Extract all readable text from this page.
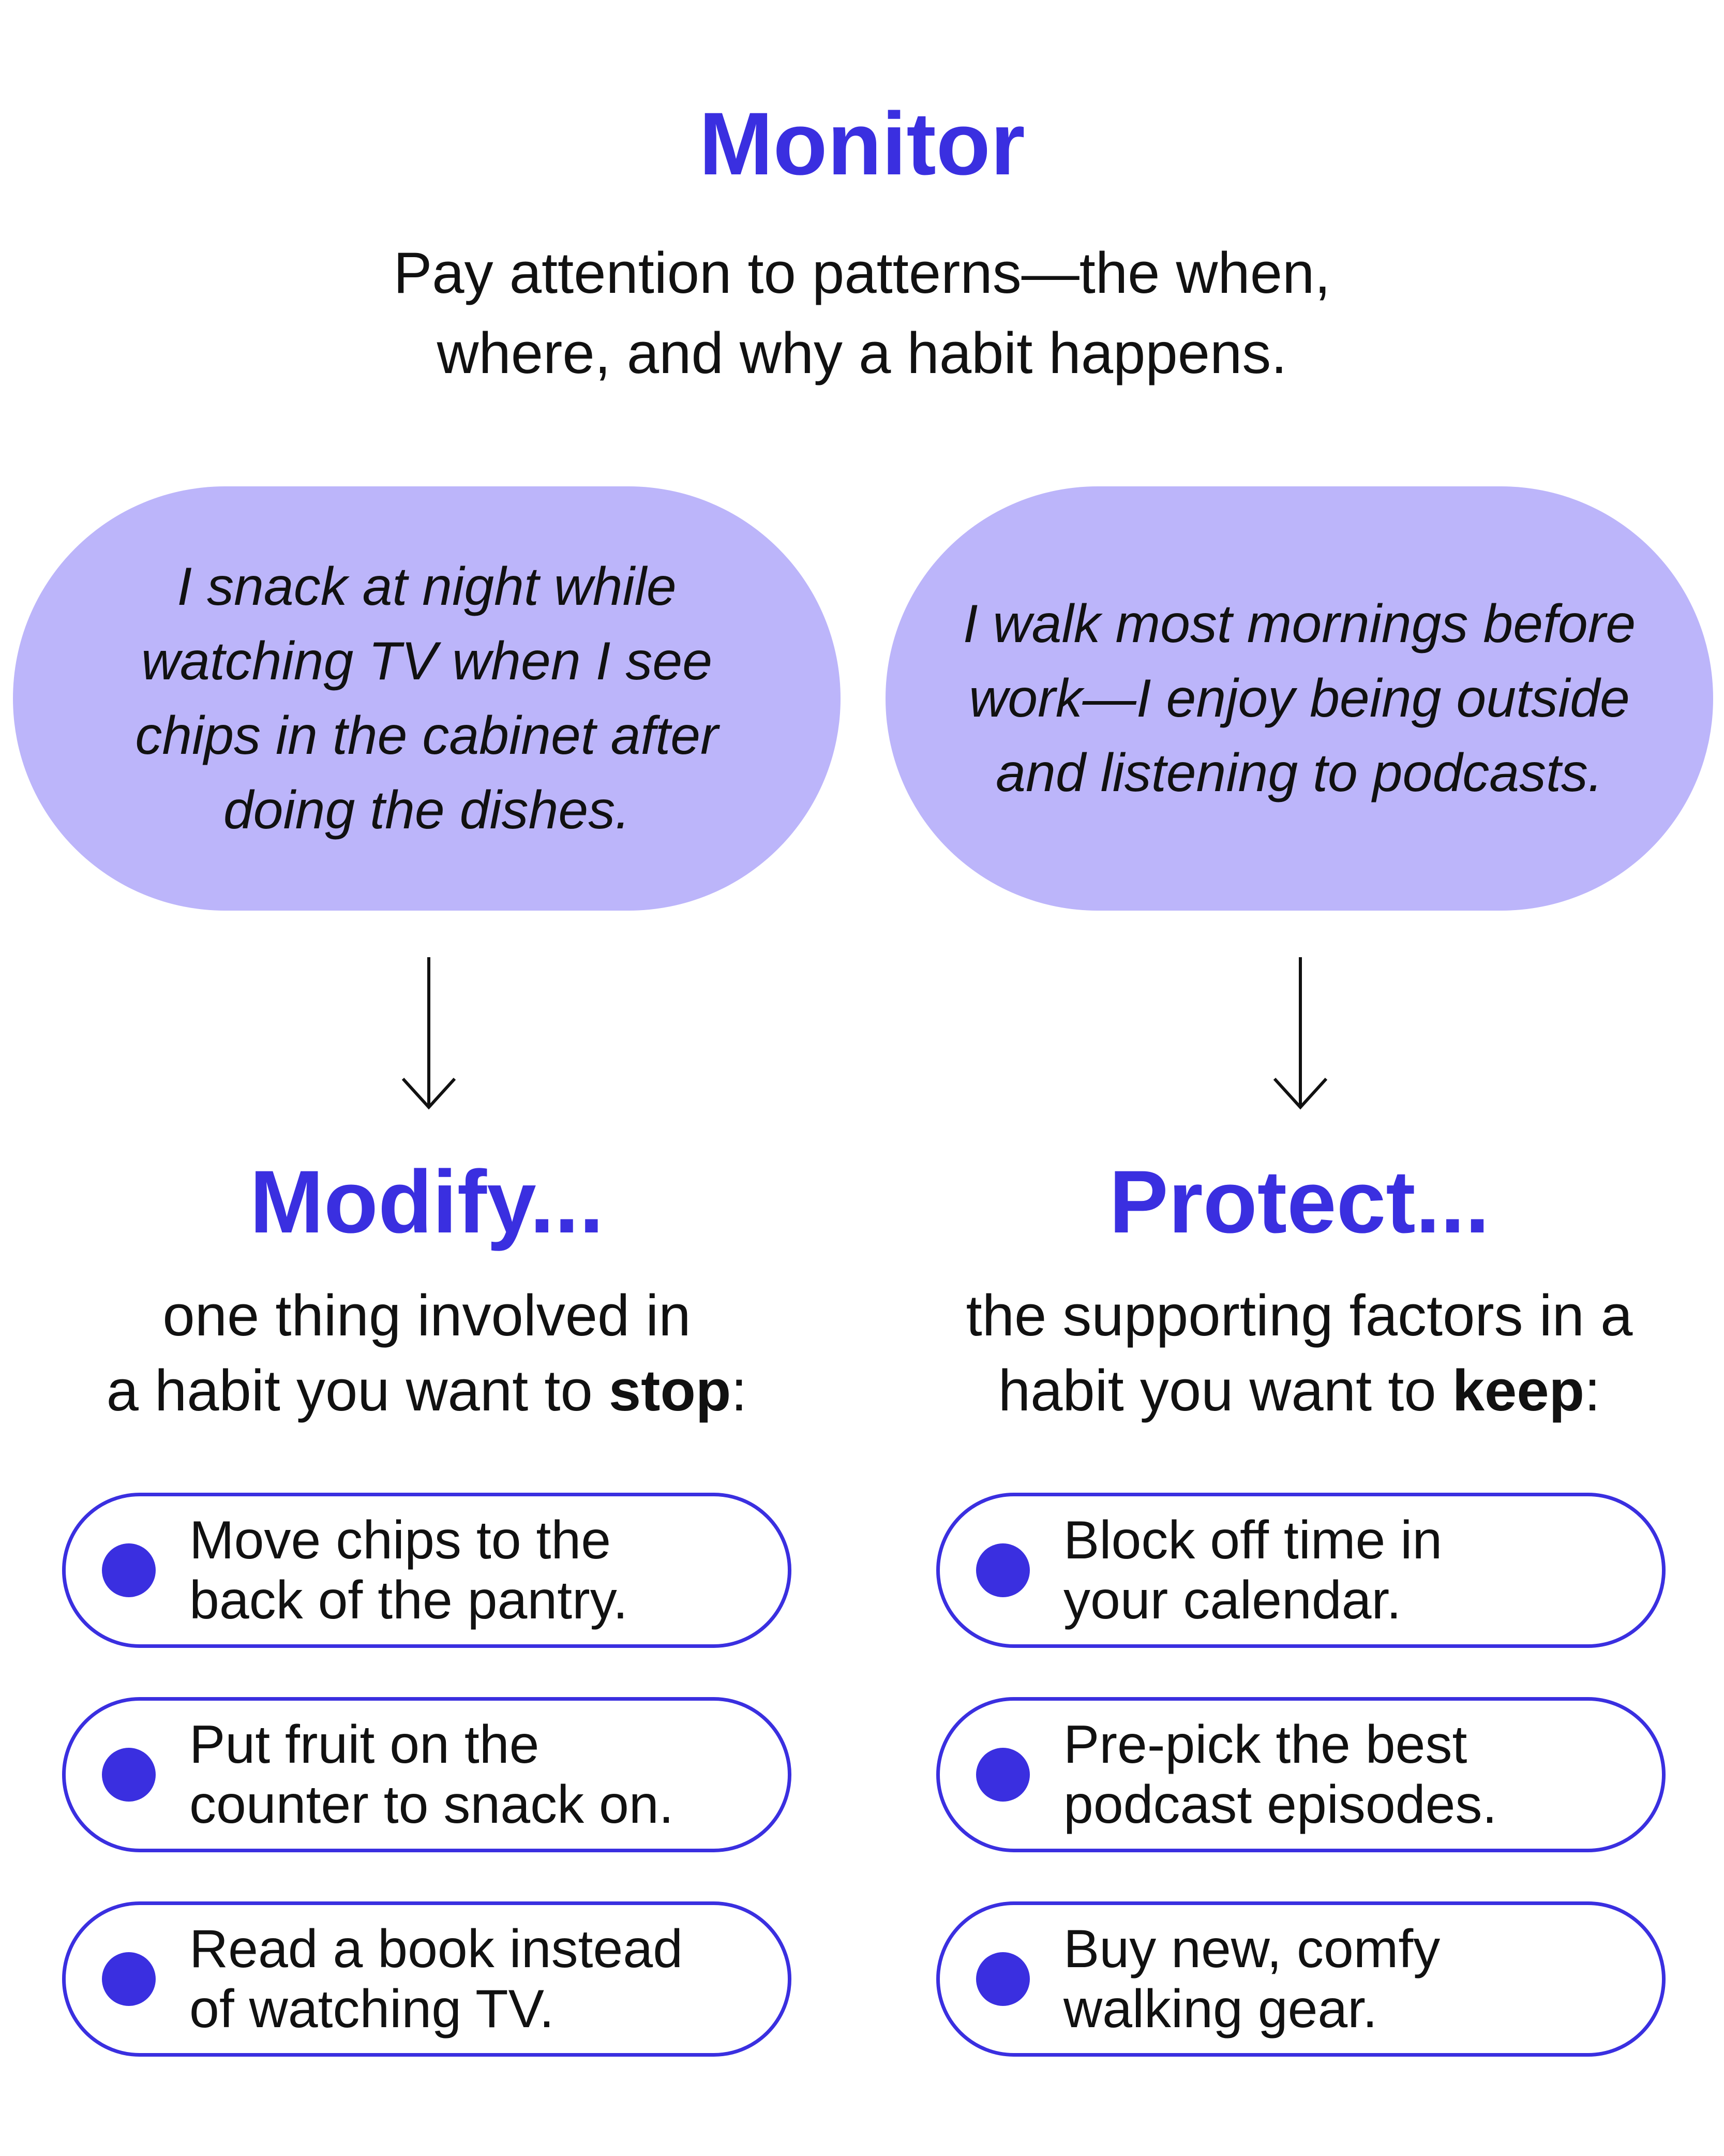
Monitor
Pay attention to patterns—the when,
where, and why a habit happens.
I snack at night while watching TV when I see chips in the cabinet after doing the dishes.
I walk most mornings before work—I enjoy being outside and listening to podcasts.
Modify...	Protect...
one thing involved in
a habit you want to stop:
the supporting factors in a
habit you want to keep:
Move chips to the
back of the pantry.
Put fruit on the
counter to snack on.
Read a book instead
of watching TV.
Block off time in
your calendar.
Pre-pick the best
podcast episodes.
Buy new, comfy
walking gear.
